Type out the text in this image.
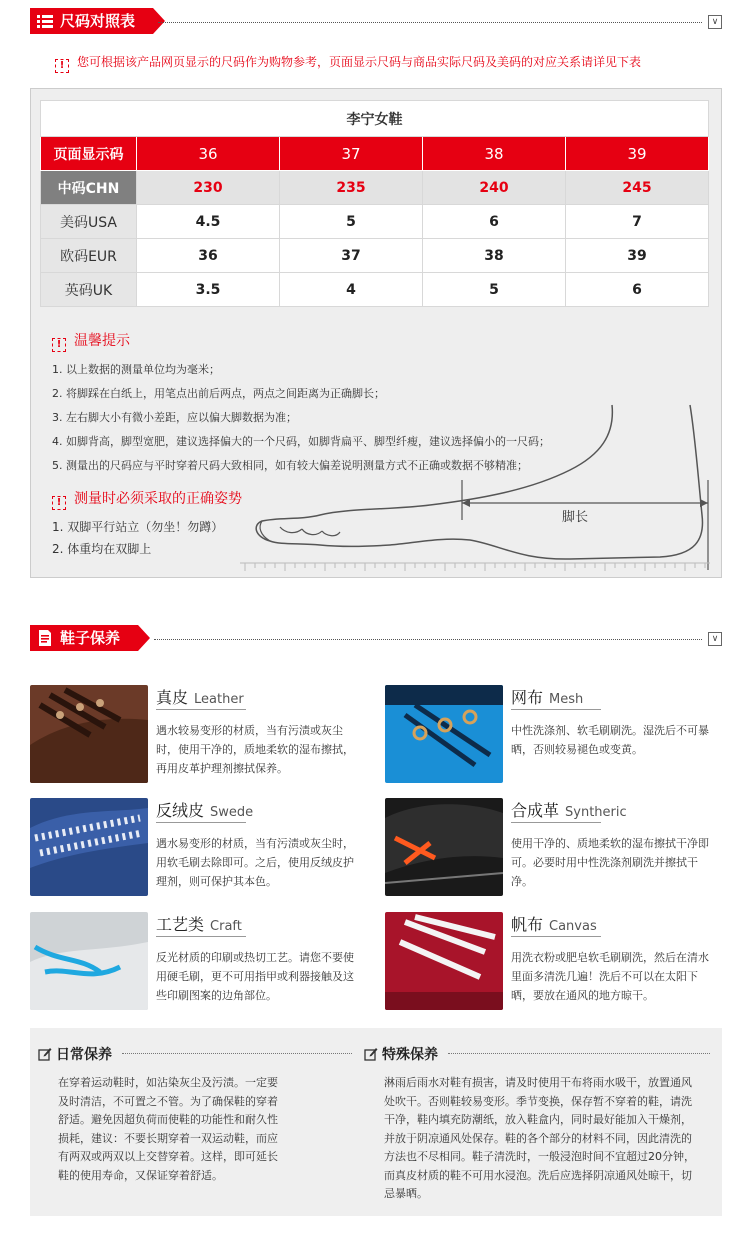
尺码对照表	∨
! 您可根据该产品网页显示的尺码作为购物参考，页面显示尺码与商品实际尺码及美码的对应关系请详见下表
李宁女鞋				
页面显示码	36	37	38	39
中码CHN	230	235	240	245
美码USA	4.5	5	6	7
欧码EUR	36	37	38	39
英码UK	3.5	4	5	6
脚长
! 温馨提示
1. 以上数据的测量单位均为毫米；
2. 将脚踩在白纸上，用笔点出前后两点，两点之间距离为正确脚长；
3. 左右脚大小有微小差距，应以偏大脚数据为准；
4. 如脚背高，脚型宽肥，建议选择偏大的一个尺码，如脚背扁平、脚型纤瘦，建议选择偏小的一尺码；
5. 测量出的尺码应与平时穿着尺码大致相同，如有较大偏差说明测量方式不正确或数据不够精准；
! 测量时必须采取的正确姿势
1. 双脚平行站立（勿坐！勿蹲）
2. 体重均在双脚上
鞋子保养	∨
真皮 Leather
遇水较易变形的材质，当有污渍或灰尘时，使用干净的，质地柔软的湿布擦拭，再用皮革护理剂擦拭保养。
网布 Mesh
中性洗涤剂、软毛刷刷洗。湿洗后不可暴晒，否则较易褪色或变黄。
反绒皮 Swede
遇水易变形的材质，当有污渍或灰尘时，用软毛刷去除即可。之后，使用反绒皮护理剂，则可保护其本色。
合成革 Syntheric
使用干净的、质地柔软的湿布擦拭干净即可。必要时用中性洗涤剂刷洗并擦拭干净。
工艺类 Craft
反光材质的印刷或热切工艺。请您不要使用硬毛刷，更不可用指甲或利器接触及这些印刷图案的边角部位。
帆布 Canvas
用洗衣粉或肥皂软毛刷刷洗，然后在清水里面多清洗几遍！洗后不可以在太阳下晒，要放在通风的地方晾干。
日常保养
在穿着运动鞋时，如沾染灰尘及污渍。一定要及时清洁，不可置之不管。为了确保鞋的穿着舒适。避免因超负荷而使鞋的功能性和耐久性损耗，建议：不要长期穿着一双运动鞋，而应有两双或两双以上交替穿着。这样，即可延长鞋的使用寿命，又保证穿着舒适。
特殊保养
淋雨后雨水对鞋有损害，请及时使用干布将雨水吸干，放置通风处吹干。否则鞋较易变形。季节变换，保存暂不穿着的鞋，请洗干净，鞋内填充防潮纸，放入鞋盒内，同时最好能加入干燥剂，并放于阴凉通风处保存。鞋的各个部分的材料不同，因此清洗的方法也不尽相同。鞋子清洗时，一般浸泡时间不宜超过20分钟，而真皮材质的鞋不可用水浸泡。洗后应选择阴凉通风处晾干，切忌暴晒。
